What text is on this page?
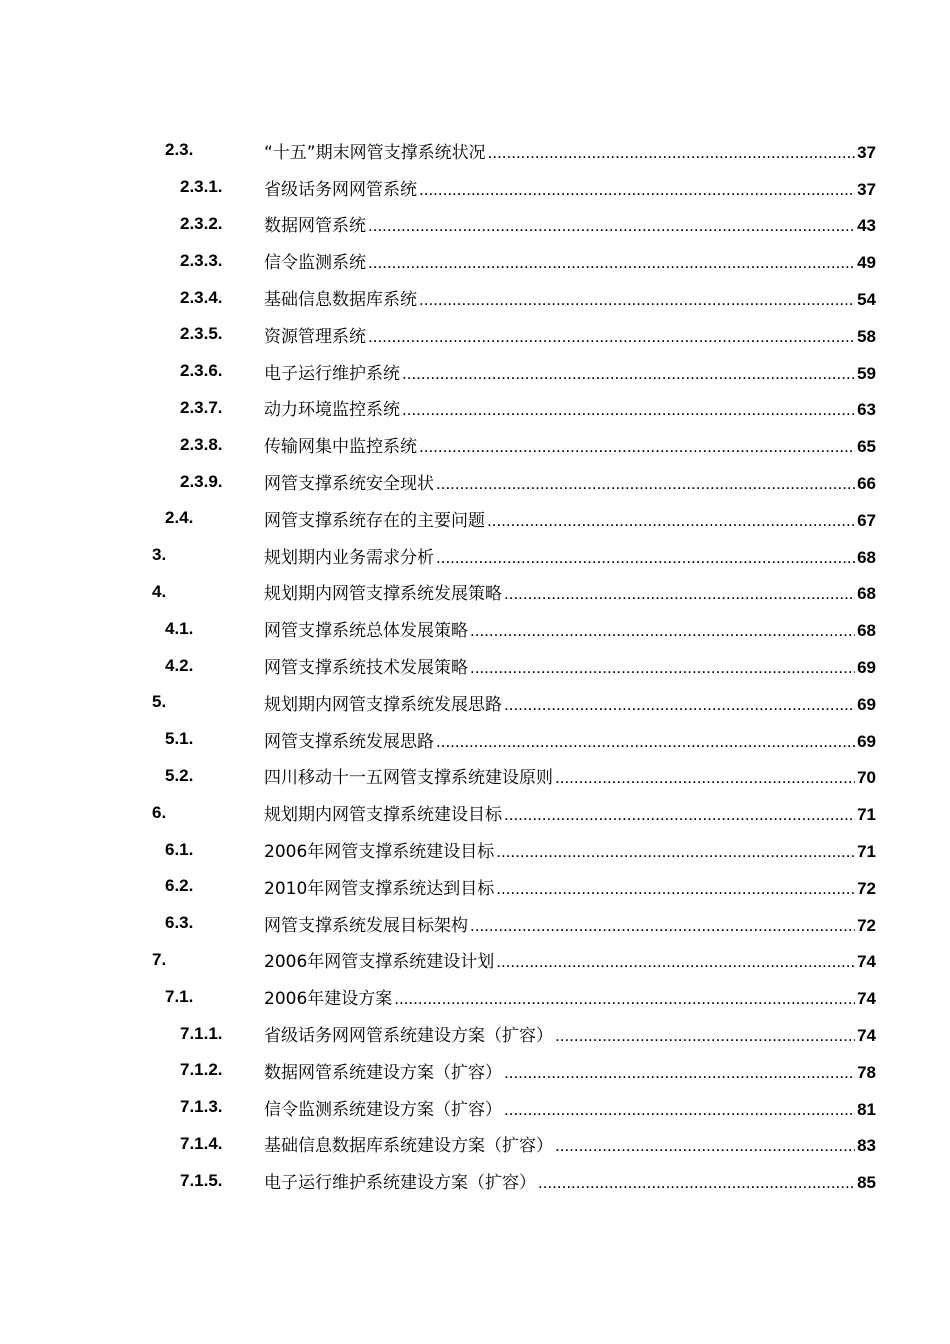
2.3.	“十五”期末网管支撑系统状况 .....	37
2.3.1. 省级话务网网管系统 .....	37
2.3.2. 数据网管系统 .....	43
2.3.3. 信令监测系统 .....	49
2.3.4. 基础信息数据库系统 .....	54
2.3.5. 资源管理系统 .....	58
2.3.6. 电子运行维护系统 .....	59
2.3.7. 动力环境监控系统 .....	63
2.3.8. 传输网集中监控系统 .....	65
2.3.9. 网管支撑系统安全现状 .....	66
2.4.	网管支撑系统存在的主要问题 .....	67
3.	规划期内业务需求分析 .....	68
4.	规划期内网管支撑系统发展策略 .....	68
4.1.	网管支撑系统总体发展策略 .....	68
4.2.	网管支撑系统技术发展策略 .....	69
5.	规划期内网管支撑系统发展思路 .....	69
5.1.	网管支撑系统发展思路 .....	69
5.2.	四川移动十一五网管支撑系统建设原则 .....	70
6.	规划期内网管支撑系统建设目标 .....	71
6.1.	2006年网管支撑系统建设目标 .....	71
6.2.	2010年网管支撑系统达到目标 .....	72
6.3.	网管支撑系统发展目标架构 .....	72
7.	2006年网管支撑系统建设计划 .....	74
7.1.	2006年建设方案 .....	74
7.1.1. 省级话务网网管系统建设方案（扩容） .....	74
7.1.2. 数据网管系统建设方案（扩容） .....	78
7.1.3. 信令监测系统建设方案（扩容） .....	81
7.1.4. 基础信息数据库系统建设方案（扩容） .....	83
7.1.5. 电子运行维护系统建设方案（扩容） .....	85
